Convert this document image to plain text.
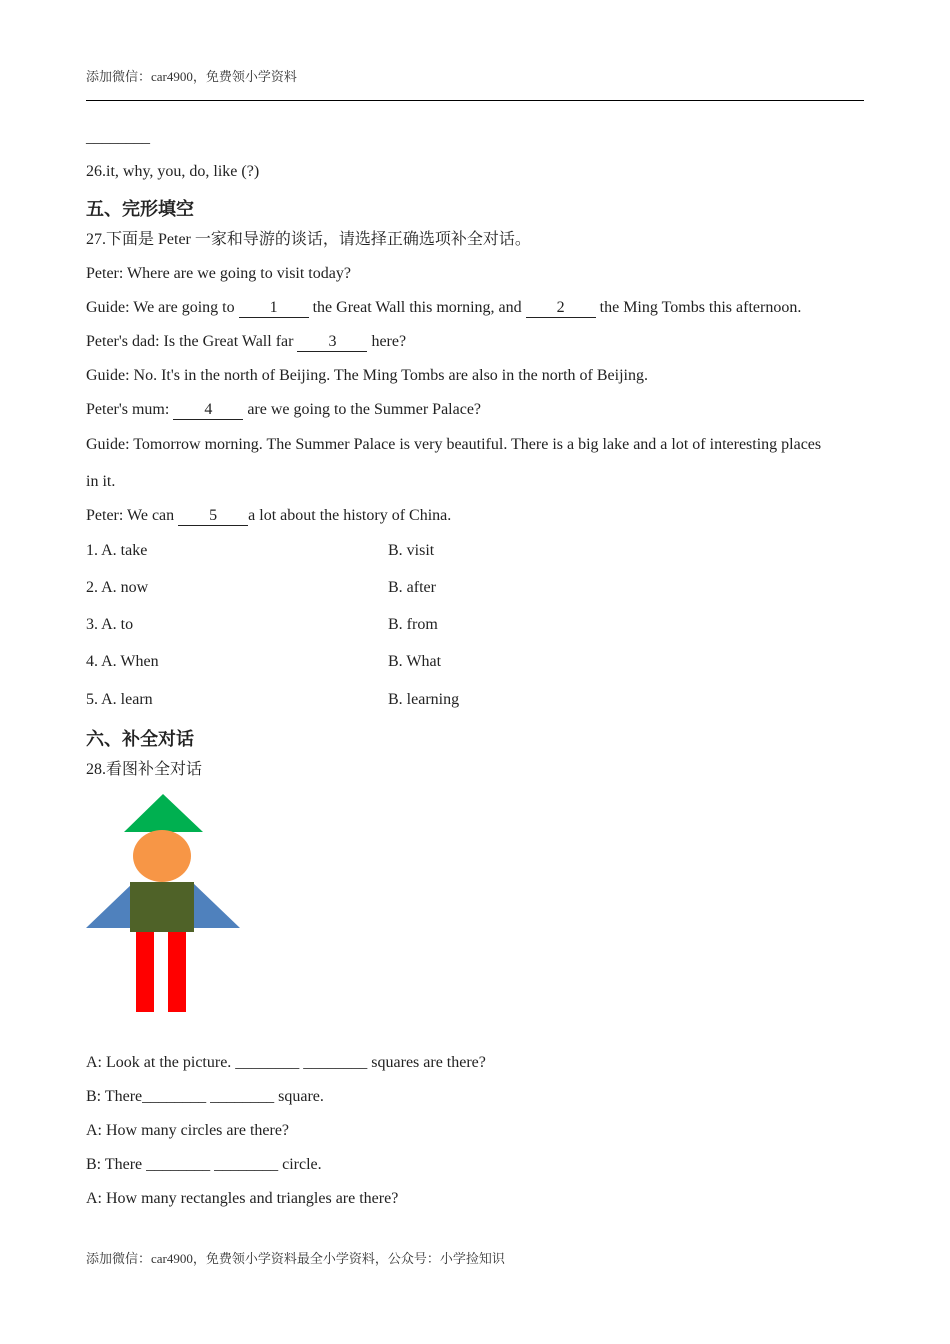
添加微信：car4900，免费领小学资料
________
26.it, why, you, do, like (?)
五、完形填空
27.下面是 Peter 一家和导游的谈话，请选择正确选项补全对话。
Peter: Where are we going to visit today?
Guide: We are going to 1 the Great Wall this morning, and 2 the Ming Tombs this afternoon.
Peter's dad: Is the Great Wall far 3 here?
Guide: No. It's in the north of Beijing. The Ming Tombs are also in the north of Beijing.
Peter's mum: 4 are we going to the Summer Palace?
Guide: Tomorrow morning. The Summer Palace is very beautiful. There is a big lake and a lot of interesting places
in it.
Peter: We can 5 a lot about the history of China.
1. A. take	B. visit
2. A. now	B. after
3. A. to	B. from
4. A. When	B. What
5. A. learn	B. learning
六、补全对话
28.看图补全对话
A: Look at the picture. ________ ________ squares are there?
B: There________ ________ square.
A: How many circles are there?
B: There ________ ________ circle.
A: How many rectangles and triangles are there?
添加微信：car4900，免费领小学资料最全小学资料，公众号：小学捡知识
